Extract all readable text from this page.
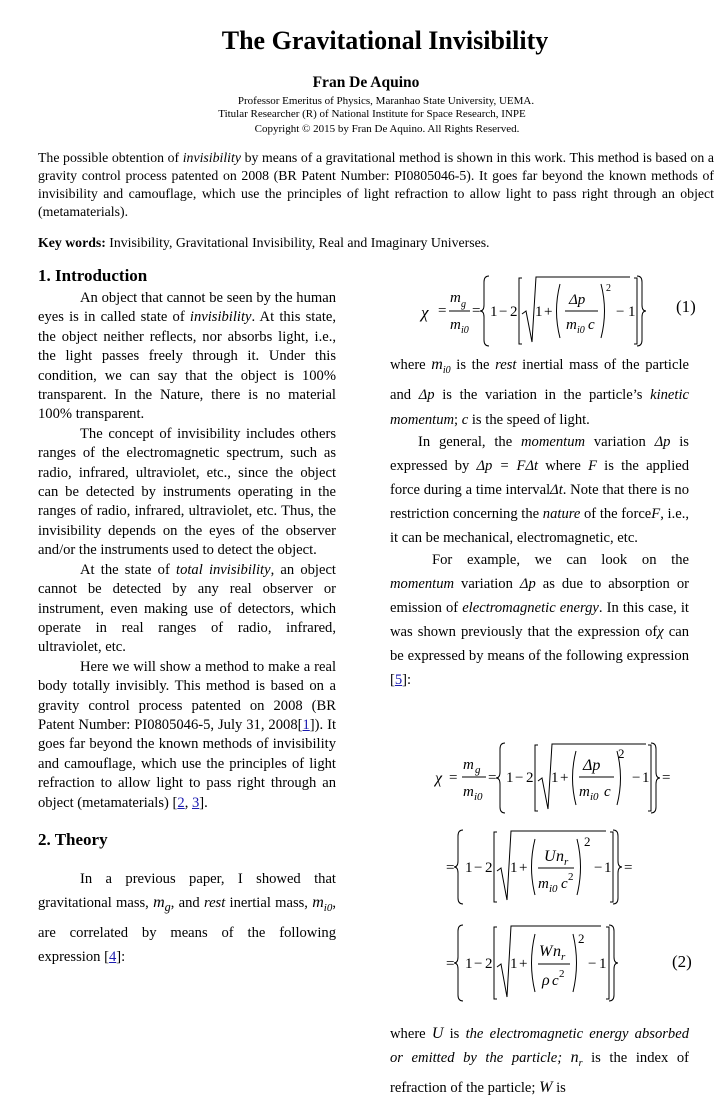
The Gravitational Invisibility
Fran De Aquino
Professor Emeritus of Physics, Maranhao State University, UEMA.
Titular Researcher (R) of National Institute for Space Research, INPE
Copyright © 2015 by Fran De Aquino. All Rights Reserved.
The possible obtention of invisibility by means of a gravitational method is shown in this work. This method is based on a gravity control process patented on 2008 (BR Patent Number: PI0805046-5). It goes far beyond the known methods of invisibility and camouflage, which use the principles of light refraction to allow light to pass right through an object (metamaterials).
Key words: Invisibility, Gravitational Invisibility, Real and Imaginary Universes.
1. Introduction

An object that cannot be seen by the human eyes is in called state of invisibility. At this state, the object neither reflects, nor absorbs light, i.e., the light passes freely through it. Under this condition, we can say that the object is 100% transparent. In the Nature, there is no material 100% transparent.

The concept of invisibility includes others ranges of the electromagnetic spectrum, such as radio, infrared, ultraviolet, etc., since the object can be detected by instruments operating in the ranges of radio, infrared, ultraviolet, etc. Thus, the invisibility depends on the eyes of the observer and/or the instruments used to detect the object.

At the state of total invisibility, an object cannot be detected by any real observer or instrument, even making use of detectors, which operate in real ranges of radio, infrared, ultraviolet, etc.

Here we will show a method to make a real body totally invisibly. This method is based on a gravity control process patented on 2008 (BR Patent Number: PI0805046-5, July 31, 2008[1]). It goes far beyond the known methods of invisibility and camouflage, which use the principles of light refraction to allow light to pass right through an object (metamaterials) [2, 3].

2. Theory

In a previous paper, I showed that gravitational mass, $m_g$, and rest inertial mass, $m_{i0}$, are correlated by means of the following expression [4]:

χ =
m g
m i0
= 1 − 2 1 +
Δp
m i0 c
2
− 1 (1)

where $m_{i0}$ is the rest inertial mass of the particle and Δp is the variation in the particle’s kinetic momentum; c is the speed of light.

In general, the momentum variation Δp is expressed by Δp = FΔt where F is the applied force during a time intervalΔt. Note that there is no restriction concerning the nature of the forceF, i.e., it can be mechanical, electromagnetic, etc.

For example, we can look on the momentum variation Δp as due to absorption or emission of electromagnetic energy. In this case, it was shown previously that the expression ofχ can be expressed by means of the following expression [5]:

χ =
m g
m i0
= 1 − 2 1 +
Δp
m i0 c
2
− 1 =
= 1 − 2 1 +
U n r
m i0 c 2
2
− 1 =
= 1 − 2 1 +
W n r
ρ c 2
2
− 1	(2)

where U is the electromagnetic energy absorbed or emitted by the particle; $n_r$ is the index of refraction of the particle; W is
